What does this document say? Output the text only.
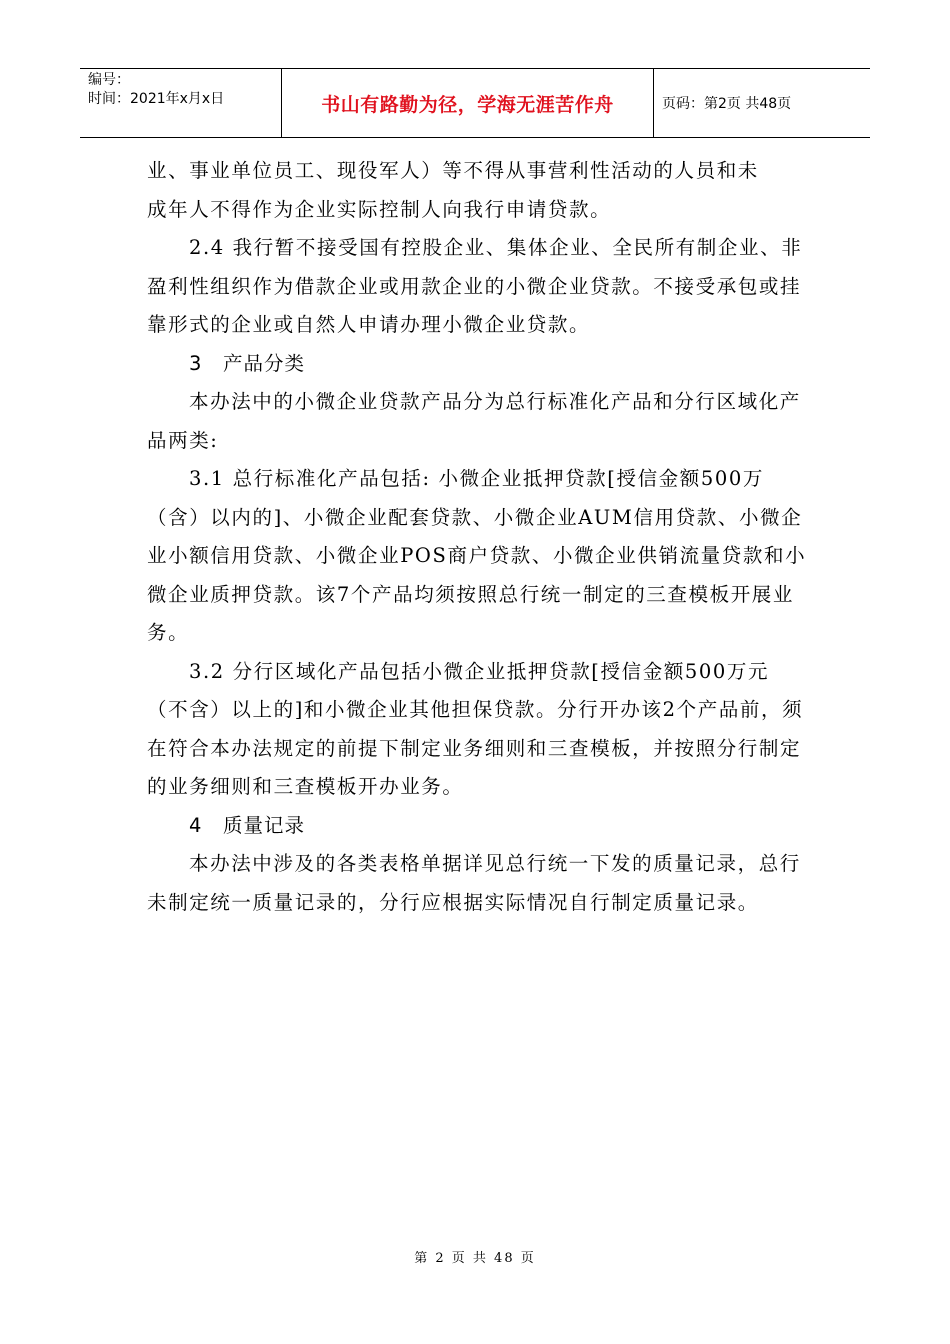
编号：
时间：2021年x月x日	书山有路勤为径，学海无涯苦作舟	页码：第2页 共48页

业、事业单位员工、现役军人）等不得从事营利性活动的人员和未

成年人不得作为企业实际控制人向我行申请贷款。

2.4 我行暂不接受国有控股企业、集体企业、全民所有制企业、非盈利性组织作为借款企业或用款企业的小微企业贷款。不接受承包或挂靠形式的企业或自然人申请办理小微企业贷款。

3 产品分类

本办法中的小微企业贷款产品分为总行标准化产品和分行区域化产品两类:

3.1 总行标准化产品包括: 小微企业抵押贷款[授信金额500万（含）以内的]、小微企业配套贷款、小微企业AUM信用贷款、小微企业小额信用贷款、小微企业POS商户贷款、小微企业供销流量贷款和小微企业质押贷款。该7个产品均须按照总行统一制定的三查模板开展业务。

3.2 分行区域化产品包括小微企业抵押贷款[授信金额500万元（不含）以上的]和小微企业其他担保贷款。分行开办该2个产品前，须在符合本办法规定的前提下制定业务细则和三查模板，并按照分行制定的业务细则和三查模板开办业务。

4 质量记录

本办法中涉及的各类表格单据详见总行统一下发的质量记录，总行未制定统一质量记录的，分行应根据实际情况自行制定质量记录。

第 2 页 共 48 页
